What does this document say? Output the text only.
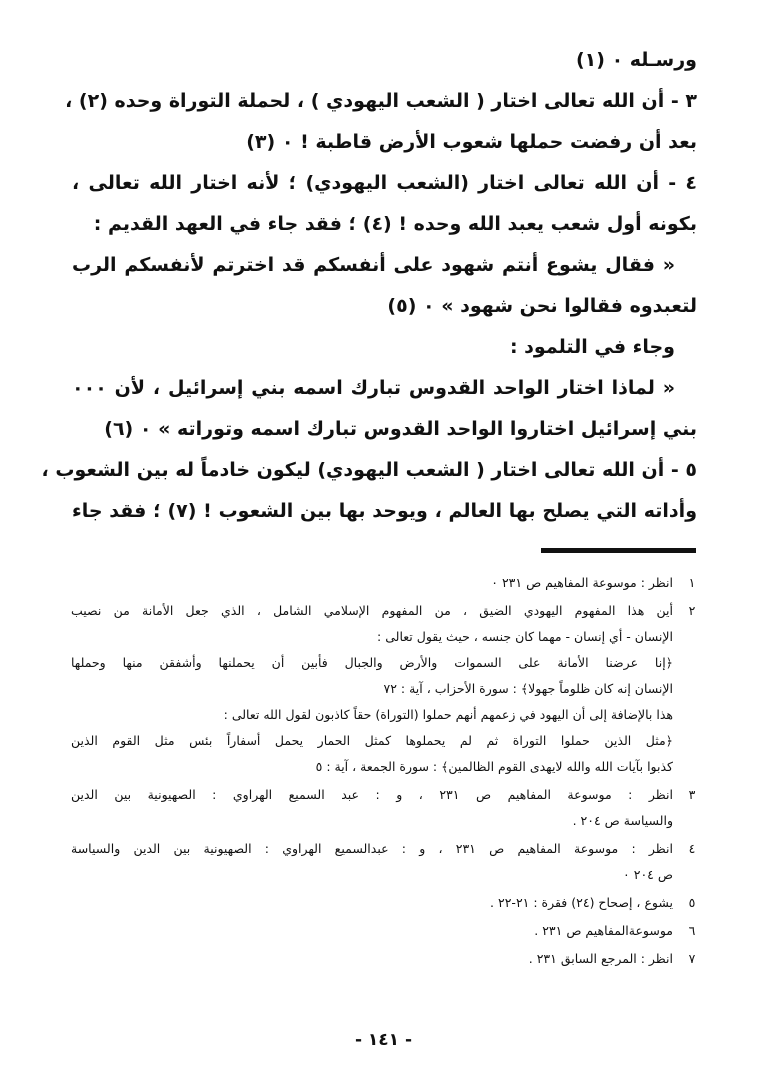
ورسـله ٠ (١)
٣ - أن الله تعالى اختار ( الشعب اليهودي ) ، لحملة التوراة وحده (٢) ،
بعد أن رفضت حملها شعوب الأرض قاطبة ! ٠ (٣)
٤ - أن الله تعالى اختار (الشعب اليهودي) ؛ لأنه اختار الله تعالى ،
بكونه أول شعب يعبد الله وحده ! (٤) ؛ فقد جاء في العهد القديم :
« فقال يشوع أنتم شهود على أنفسكم قد اخترتم لأنفسكم الرب
لتعبدوه فقالوا نحن شهود » ٠ (٥)
وجاء في التلمود :
« لماذا اختار الواحد القدوس تبارك اسمه بني إسرائيل ، لأن ٠٠٠
بني إسرائيل اختاروا الواحد القدوس تبارك اسمه وتوراته » ٠ (٦)
٥ - أن الله تعالى اختار ( الشعب اليهودي) ليكون خادماً له بين الشعوب ،
وأداته التي يصلح بها العالم ، ويوحد بها بين الشعوب ! (٧) ؛ فقد جاء
١
انظر : موسوعة المفاهيم ص ٢٣١ ٠
٢
أين هذا المفهوم اليهودي الضيق ، من المفهوم الإسلامي الشامل ، الذي جعل الأمانة من نصيب
الإنسان - أي إنسان - مهما كان جنسه ، حيث يقول تعالى :
﴿إنا عرضنا الأمانة على السموات والأرض والجبال فأبين أن يحملنها وأشفقن منها وحملها
الإنسان إنه كان ظلوماً جهولا﴾ : سورة الأحزاب ، آية : ٧٢
هذا بالإضافة إلى أن اليهود في زعمهم أنهم حملوا (التوراة) حقاً كاذبون لقول الله تعالى :
﴿مثل الذين حملوا التوراة ثم لم يحملوها كمثل الحمار يحمل أسفاراً بئس مثل القوم الذين
كذبوا بآيات الله والله لايهدى القوم الظالمين﴾ : سورة الجمعة ، آية : ٥
٣
انظر : موسوعة المفاهيم ص ٢٣١ ، و : عبد السميع الهراوي : الصهيونية بين الدين
والسياسة ص ٢٠٤ .
٤
انظر : موسوعة المفاهيم ص ٢٣١ ، و : عبدالسميع الهراوي : الصهيونية بين الدين والسياسة
ص ٢٠٤ ٠
٥
يشوع ، إصحاح (٢٤) فقرة : ٢١-٢٢ .
٦
موسوعةالمفاهيم ص ٢٣١ .
٧
انظر : المرجع السابق ٢٣١ .
- ١٤١ -
